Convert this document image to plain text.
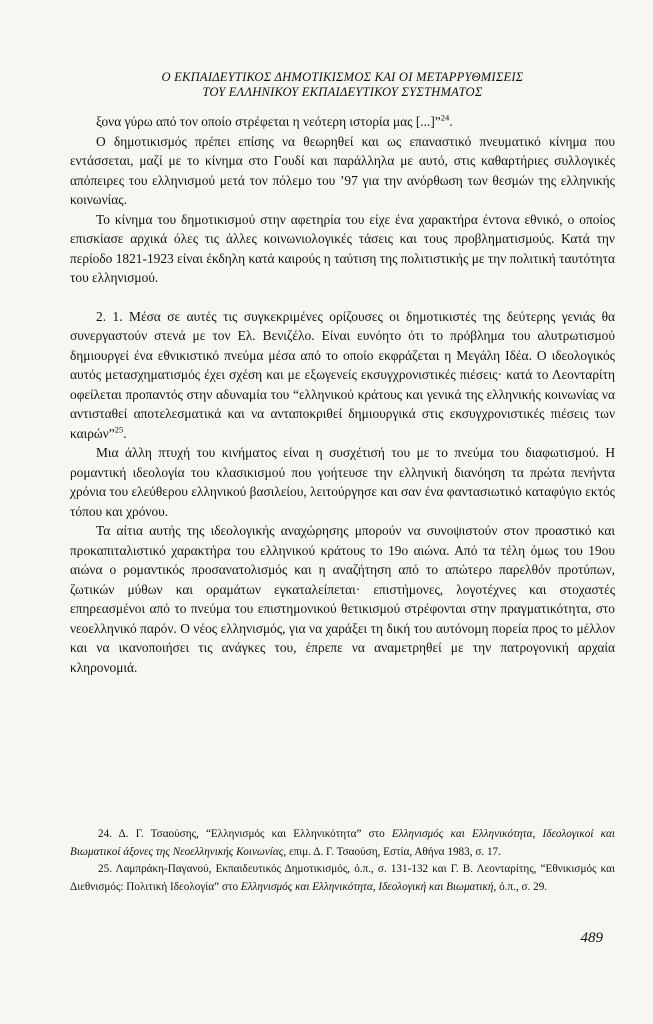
Ο ΕΚΠΑΙΔΕΥΤΙΚΟΣ ΔΗΜΟΤΙΚΙΣΜΟΣ ΚΑΙ ΟΙ ΜΕΤΑΡΡΥΘΜΙΣΕΙΣ
ΤΟΥ ΕΛΛΗΝΙΚΟΥ ΕΚΠΑΙΔΕΥΤΙΚΟΥ ΣΥΣΤΗΜΑΤΟΣ

ξονα γύρω από τον οποίο στρέφεται η νεότερη ιστορία μας [...]”$^{24}$.

Ο δημοτικισμός πρέπει επίσης να θεωρηθεί και ως επαναστικό πνευματικό κίνημα που εντάσσεται, μαζί με το κίνημα στο Γουδί και παράλληλα με αυτό, στις καθαρτήριες συλλογικές απόπειρες του ελληνισμού μετά τον πόλεμο του ’97 για την ανόρθωση των θεσμών της ελληνικής κοινωνίας.

Το κίνημα του δημοτικισμού στην αφετηρία του είχε ένα χαρακτήρα έντονα εθνικό, ο οποίος επισκίασε αρχικά όλες τις άλλες κοινωνιολογικές τάσεις και τους προβληματισμούς. Κατά την περίοδο 1821-1923 είναι έκδηλη κατά καιρούς η ταύτιση της πολιτιστικής με την πολιτική ταυτότητα του ελληνισμού.

2. 1. Μέσα σε αυτές τις συγκεκριμένες ορίζουσες οι δημοτικιστές της δεύτερης γενιάς θα συνεργαστούν στενά με τον Ελ. Βενιζέλο. Είναι ευνόητο ότι το πρόβλημα του αλυτρωτισμού δημιουργεί ένα εθνικιστικό πνεύμα μέσα από το οποίο εκφράζεται η Μεγάλη Ιδέα. Ο ιδεολογικός αυτός μετασχηματισμός έχει σχέση και με εξωγενείς εκσυγχρονιστικές πιέσεις· κατά το Λεονταρίτη οφείλεται προπαντός στην αδυναμία του “ελληνικού κράτους και γενικά της ελληνικής κοινωνίας να αντισταθεί αποτελεσματικά και να ανταποκριθεί δημιουργικά στις εκσυγχρονιστικές πιέσεις των καιρών”$^{25}$.

Μια άλλη πτυχή του κινήματος είναι η συσχέτισή του με το πνεύμα του διαφωτισμού. Η ρομαντική ιδεολογία του κλασικισμού που γοήτευσε την ελληνική διανόηση τα πρώτα πενήντα χρόνια του ελεύθερου ελληνικού βασιλείου, λειτούργησε και σαν ένα φαντασιωτικό καταφύγιο εκτός τόπου και χρόνου.

Τα αίτια αυτής της ιδεολογικής αναχώρησης μπορούν να συνοψιστούν στον προαστικό και προκαπιταλιστικό χαρακτήρα του ελληνικού κράτους το 19ο αιώνα. Από τα τέλη όμως του 19ου αιώνα ο ρομαντικός προσανατολισμός και η αναζήτηση από το απώτερο παρελθόν προτύπων, ζωτικών μύθων και οραμάτων εγκαταλείπεται· επιστήμονες, λογοτέχνες και στοχαστές επηρεασμένοι από το πνεύμα του επιστημονικού θετικισμού στρέφονται στην πραγματικότητα, στο νεοελληνικό παρόν. Ο νέος ελληνισμός, για να χαράξει τη δική του αυτόνομη πορεία προς το μέλλον και να ικανοποιήσει τις ανάγκες του, έπρεπε να αναμετρηθεί με την πατρογονική αρχαία κληρονομιά.

24. Δ. Γ. Τσαούσης, “Ελληνισμός και Ελληνικότητα” στο Ελληνισμός και Ελληνικότητα, Ιδεολογικοί και Βιωματικοί άξονες της Νεοελληνικής Κοινωνίας, επιμ. Δ. Γ. Τσαούση, Εστία, Αθήνα 1983, σ. 17.

25. Λαμπράκη-Παγανού, Εκπαιδευτικός Δημοτικισμός, ό.π., σ. 131-132 και Γ. Β. Λεονταρίτης, “Εθνικισμός και Διεθνισμός: Πολιτική Ιδεολογία” στο Ελληνισμός και Ελληνικότητα, Ιδεολογική και Βιωματική, ό.π., σ. 29.

489
